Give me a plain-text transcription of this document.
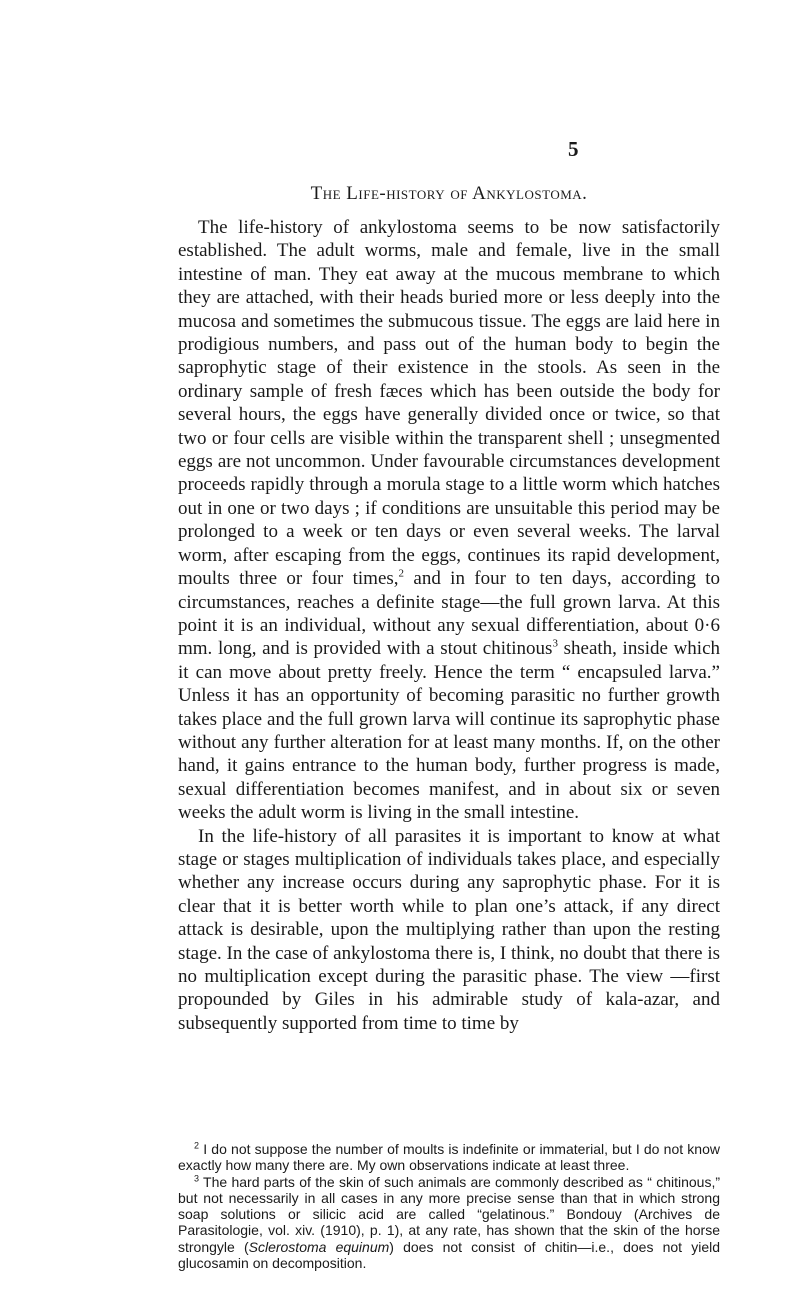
5
The Life-history of Ankylostoma.

The life-history of ankylostoma seems to be now satisfactorily established. The adult worms, male and female, live in the small intestine of man. They eat away at the mucous membrane to which they are attached, with their heads buried more or less deeply into the mucosa and sometimes the submucous tissue. The eggs are laid here in prodigious numbers, and pass out of the human body to begin the saprophytic stage of their existence in the stools. As seen in the ordinary sample of fresh fæces which has been outside the body for several hours, the eggs have generally divided once or twice, so that two or four cells are visible within the transparent shell ; unsegmented eggs are not uncommon. Under favourable circumstances development proceeds rapidly through a morula stage to a little worm which hatches out in one or two days ; if conditions are unsuitable this period may be prolonged to a week or ten days or even several weeks. The larval worm, after escaping from the eggs, continues its rapid development, moults three or four times,$^2$ and in four to ten days, according to circumstances, reaches a definite stage—the full grown larva. At this point it is an individual, without any sexual differentiation, about 0·6 mm. long, and is provided with a stout chitinous$^3$ sheath, inside which it can move about pretty freely. Hence the term “ encapsuled larva.” Unless it has an opportunity of becoming parasitic no further growth takes place and the full grown larva will continue its saprophytic phase without any further alteration for at least many months. If, on the other hand, it gains entrance to the human body, further progress is made, sexual differentiation becomes manifest, and in about six or seven weeks the adult worm is living in the small intestine.

In the life-history of all parasites it is important to know at what stage or stages multiplication of individuals takes place, and especially whether any increase occurs during any saprophytic phase. For it is clear that it is better worth while to plan one’s attack, if any direct attack is desirable, upon the multiplying rather than upon the resting stage. In the case of ankylostoma there is, I think, no doubt that there is no multiplication except during the parasitic phase. The view —first propounded by Giles in his admirable study of kala-azar, and subsequently supported from time to time by

$^2$ I do not suppose the number of moults is indefinite or immaterial, but I do not know exactly how many there are. My own observations indicate at least three.

$^3$ The hard parts of the skin of such animals are commonly described as “ chitinous,” but not necessarily in all cases in any more precise sense than that in which strong soap solutions or silicic acid are called “gelatinous.” Bondouy (Archives de Parasitologie, vol. xiv. (1910), p. 1), at any rate, has shown that the skin of the horse strongyle (Sclerostoma equinum) does not consist of chitin—i.e., does not yield glucosamin on decomposition.
